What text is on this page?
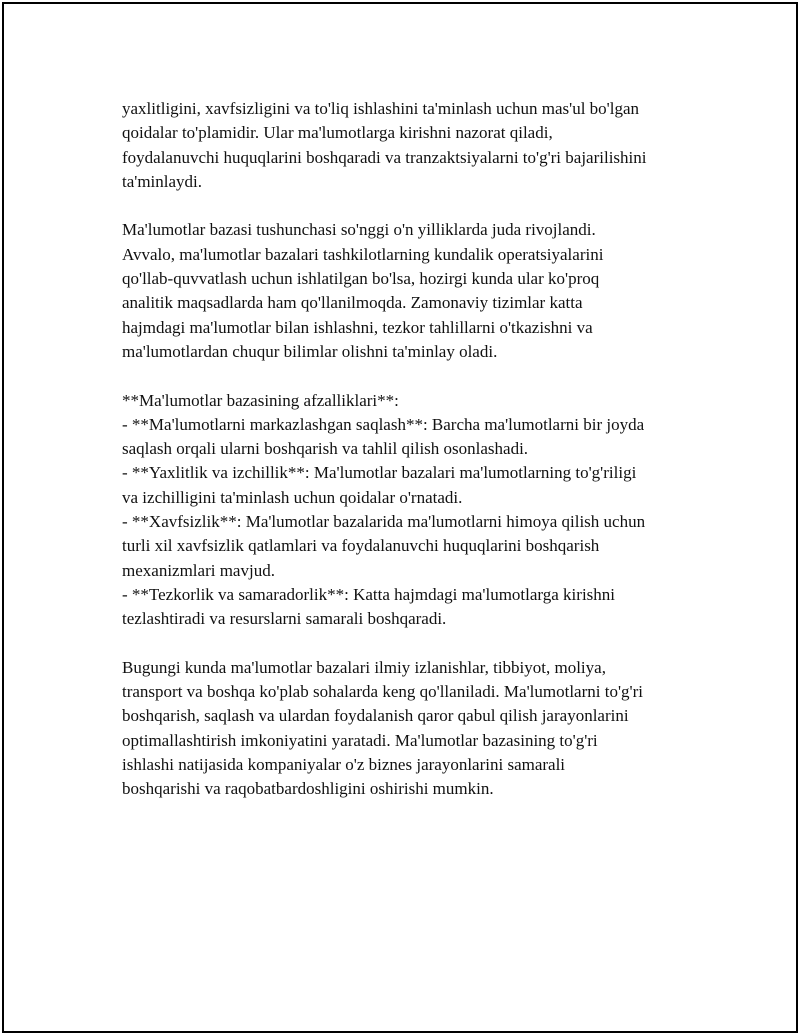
yaxlitligini, xavfsizligini va to'liq ishlashini ta'minlash uchun mas'ul bo'lgan
qoidalar to'plamidir. Ular ma'lumotlarga kirishni nazorat qiladi,
foydalanuvchi huquqlarini boshqaradi va tranzaktsiyalarni to'g'ri bajarilishini
ta'minlaydi.

Ma'lumotlar bazasi tushunchasi so'nggi o'n yilliklarda juda rivojlandi.
Avvalo, ma'lumotlar bazalari tashkilotlarning kundalik operatsiyalarini
qo'llab-quvvatlash uchun ishlatilgan bo'lsa, hozirgi kunda ular ko'proq
analitik maqsadlarda ham qo'llanilmoqda. Zamonaviy tizimlar katta
hajmdagi ma'lumotlar bilan ishlashni, tezkor tahlillarni o'tkazishni va
ma'lumotlardan chuqur bilimlar olishni ta'minlay oladi.

**Ma'lumotlar bazasining afzalliklari**:
- **Ma'lumotlarni markazlashgan saqlash**: Barcha ma'lumotlarni bir joyda
saqlash orqali ularni boshqarish va tahlil qilish osonlashadi.
- **Yaxlitlik va izchillik**: Ma'lumotlar bazalari ma'lumotlarning to'g'riligi
va izchilligini ta'minlash uchun qoidalar o'rnatadi.
- **Xavfsizlik**: Ma'lumotlar bazalarida ma'lumotlarni himoya qilish uchun
turli xil xavfsizlik qatlamlari va foydalanuvchi huquqlarini boshqarish
mexanizmlari mavjud.
- **Tezkorlik va samaradorlik**: Katta hajmdagi ma'lumotlarga kirishni
tezlashtiradi va resurslarni samarali boshqaradi.

Bugungi kunda ma'lumotlar bazalari ilmiy izlanishlar, tibbiyot, moliya,
transport va boshqa ko'plab sohalarda keng qo'llaniladi. Ma'lumotlarni to'g'ri
boshqarish, saqlash va ulardan foydalanish qaror qabul qilish jarayonlarini
optimallashtirish imkoniyatini yaratadi. Ma'lumotlar bazasining to'g'ri
ishlashi natijasida kompaniyalar o'z biznes jarayonlarini samarali
boshqarishi va raqobatbardoshligini oshirishi mumkin.
